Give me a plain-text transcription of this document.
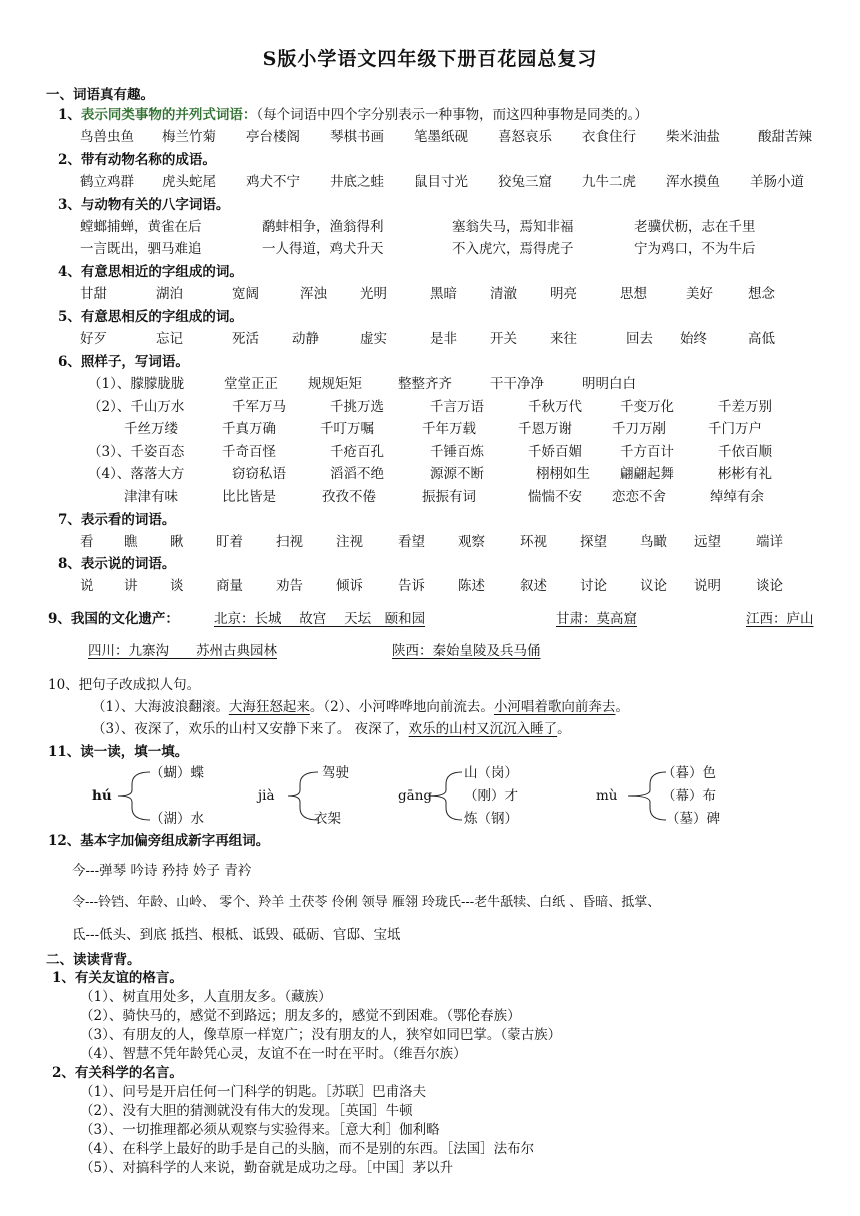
S版小学语文四年级下册百花园总复习
一、词语真有趣。
1、表示同类事物的并列式词语：（每个词语中四个字分别表示一种事物，而这四种事物是同类的。）
鸟兽虫鱼 梅兰竹菊 亭台楼阁 琴棋书画 笔墨纸砚 喜怒哀乐 衣食住行 柴米油盐	酸甜苦辣
2、带有动物名称的成语。
鹤立鸡群 虎头蛇尾 鸡犬不宁 井底之蛙 鼠目寸光 狡兔三窟 九牛二虎 浑水摸鱼 羊肠小道
3、与动物有关的八字词语。
螳螂捕蝉，黄雀在后	鹬蚌相争，渔翁得利	塞翁失马，焉知非福	老骥伏枥，志在千里
一言既出，驷马难追	一人得道，鸡犬升天	不入虎穴，焉得虎子	宁为鸡口，不为牛后
4、有意思相近的字组成的词。
甘甜	湖泊	宽阔	浑浊 光明	黑暗 清澈 明亮	思想	美好	想念
5、有意思相反的字组成的词。
好歹	忘记	死活 动静	虚实	是非 开关 来往	回去 始终	高低
6、照样子，写词语。
（1）、朦朦胧胧	堂堂正正 规规矩矩	整整齐齐	干干净净	明明白白
（2）、千山万水	千军万马	千挑万选	千言万语	千秋万代	千变万化	千差万别
千丝万缕	千真万确	千叮万嘱	千年万载	千恩万谢	千刀万剐	千门万户
（3）、千姿百态	千奇百怪	千疮百孔	千锤百炼	千娇百媚	千方百计	千依百顺
（4）、落落大方	窃窃私语	滔滔不绝	源源不断	栩栩如生 翩翩起舞	彬彬有礼
津津有味	比比皆是	孜孜不倦	振振有词	惴惴不安 恋恋不舍	绰绰有余
7、表示看的词语。
看 瞧 瞅 盯着 扫视 注视	看望 观察	环视 探望 鸟瞰 远望	端详
8、表示说的词语。
说 讲 谈 商量 劝告 倾诉	告诉 陈述	叙述 讨论 议论 说明	谈论
9、我国的文化遗产：	北京：长城　 故宫　 天坛　颐和园	甘肃：莫高窟	江西：庐山
四川：九寨沟　　苏州古典园林	陕西：秦始皇陵及兵马俑
10、把句子改成拟人句。
（1）、大海波浪翻滚。大海狂怒起来。（2）、小河哗哗地向前流去。小河唱着歌向前奔去。
（3）、夜深了，欢乐的山村又安静下来了。 夜深了，欢乐的山村又沉沉入睡了。
11、读一读，填一填。
hú
（蝴）蝶
（湖）水
jià
驾驶
衣架
gāng
山（岗）
（刚）才
炼（钢）
mù
（暮）色
（幕）布
（墓）碑
12、基本字加偏旁组成新字再组词。
今---弹琴 吟诗 矜持 妗子 青衿
令---铃铛、年龄、山岭、 零个、羚羊 土茯苓 伶俐 领导 雁翎 玲珑氏---老牛舐犊、白纸 、昏暗、抵掌、
氐---低头、到底 抵挡、根柢、诋毁、砥砺、官邸、宝坻
二、读读背背。
1、有关友谊的格言。
（1）、树直用处多，人直朋友多。（藏族）
（2）、骑快马的，感觉不到路远；朋友多的，感觉不到困难。（鄂伦春族）
（3）、有朋友的人，像草原一样宽广；没有朋友的人，狭窄如同巴掌。（蒙古族）
（4）、智慧不凭年龄凭心灵，友谊不在一时在平时。（维吾尔族）
2、有关科学的名言。
（1）、问号是开启任何一门科学的钥匙。［苏联］巴甫洛夫
（2）、没有大胆的猜测就没有伟大的发现。［英国］牛顿
（3）、一切推理都必须从观察与实验得来。［意大利］伽利略
（4）、在科学上最好的助手是自己的头脑，而不是别的东西。［法国］法布尔
（5）、对搞科学的人来说，勤奋就是成功之母。［中国］茅以升
